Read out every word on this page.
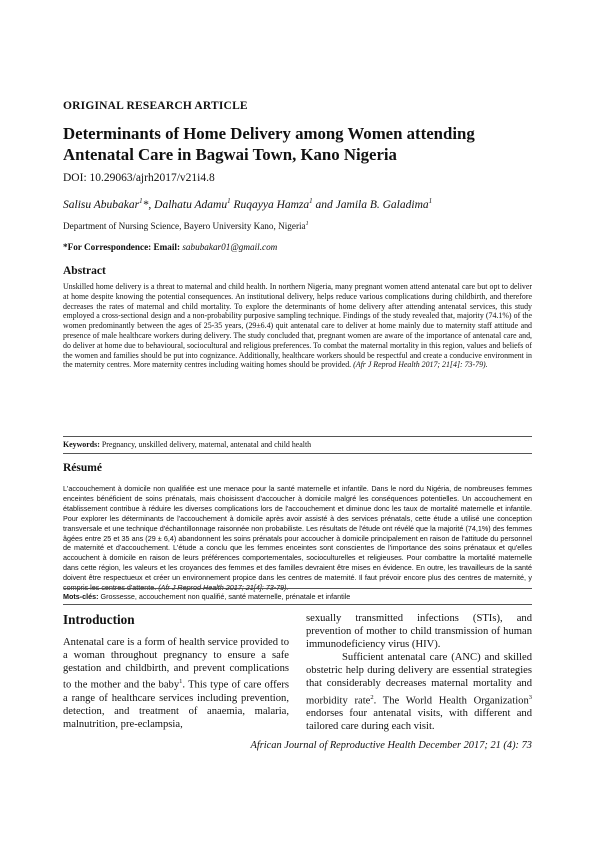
ORIGINAL RESEARCH ARTICLE
Determinants of Home Delivery among Women attending Antenatal Care in Bagwai Town, Kano Nigeria
DOI: 10.29063/ajrh2017/v21i4.8
Salisu Abubakar$^1$*, Dalhatu Adamu$^1$ Ruqayya Hamza$^1$ and Jamila B. Galadima$^1$
Department of Nursing Science, Bayero University Kano, Nigeria$^1$
*For Correspondence: Email: sabubakar01@gmail.com
Abstract
Unskilled home delivery is a threat to maternal and child health. In northern Nigeria, many pregnant women attend antenatal care but opt to deliver at home despite knowing the potential consequences. An institutional delivery, helps reduce various complications during childbirth, and therefore decreases the rates of maternal and child mortality. To explore the determinants of home delivery after attending antenatal services, this study employed a cross-sectional design and a non-probability purposive sampling technique. Findings of the study revealed that, majority (74.1%) of the women predominantly between the ages of 25-35 years, (29±6.4) quit antenatal care to deliver at home mainly due to maternity staff attitude and presence of male healthcare workers during delivery. The study concluded that, pregnant women are aware of the importance of antenatal care and, do deliver at home due to behavioural, sociocultural and religious preferences. To combat the maternal mortality in this region, values and beliefs of the women and families should be put into cognizance. Additionally, healthcare workers should be respectful and create a conducive environment in the maternity centres. More maternity centres including waiting homes should be provided. (Afr J Reprod Health 2017; 21[4]: 73-79).
Keywords: Pregnancy, unskilled delivery, maternal, antenatal and child health
Résumé
L'accouchement à domicile non qualifiée est une menace pour la santé maternelle et infantile. Dans le nord du Nigéria, de nombreuses femmes enceintes bénéficient de soins prénatals, mais choisissent d'accoucher à domicile malgré les conséquences potentielles. Un accouchement en établissement contribue à réduire les diverses complications lors de l'accouchement et diminue donc les taux de mortalité maternelle et infantile. Pour explorer les déterminants de l'accouchement à domicile après avoir assisté à des services prénatals, cette étude a utilisé une conception transversale et une technique d'échantillonnage raisonnée non probabiliste. Les résultats de l'étude ont révélé que la majorité (74,1%) des femmes âgées entre 25 et 35 ans (29 ± 6,4) abandonnent les soins prénatals pour accoucher à domicile principalement en raison de l'attitude du personnel de maternité et d'accouchement. L'étude a conclu que les femmes enceintes sont conscientes de l'importance des soins prénataux et qu'elles accouchent à domicile en raison de leurs préférences comportementales, socioculturelles et religieuses. Pour combattre la mortalité maternelle dans cette région, les valeurs et les croyances des femmes et des familles devraient être mises en évidence. En outre, les travailleurs de la santé doivent être respectueux et créer un environnement propice dans les centres de maternité. Il faut prévoir encore plus des centres de maternité, y compris les centres d'attente. (Afr J Reprod Health 2017; 21[4]: 73-79).
Mots-clés: Grossesse, accouchement non qualifié, santé maternelle, prénatale et infantile
Introduction

Antenatal care is a form of health service provided to a woman throughout pregnancy to ensure a safe gestation and childbirth, and prevent complications to the mother and the baby$^1$. This type of care offers a range of healthcare services including prevention, detection, and treatment of anaemia, malaria, malnutrition, pre-eclampsia,

sexually transmitted infections (STIs), and prevention of mother to child transmission of human immunodeficiency virus (HIV).

Sufficient antenatal care (ANC) and skilled obstetric help during delivery are essential strategies that considerably decreases maternal mortality and morbidity rate$^2$. The World Health Organization$^3$ endorses four antenatal visits, with different and tailored care during each visit.

African Journal of Reproductive Health December 2017; 21 (4): 73
